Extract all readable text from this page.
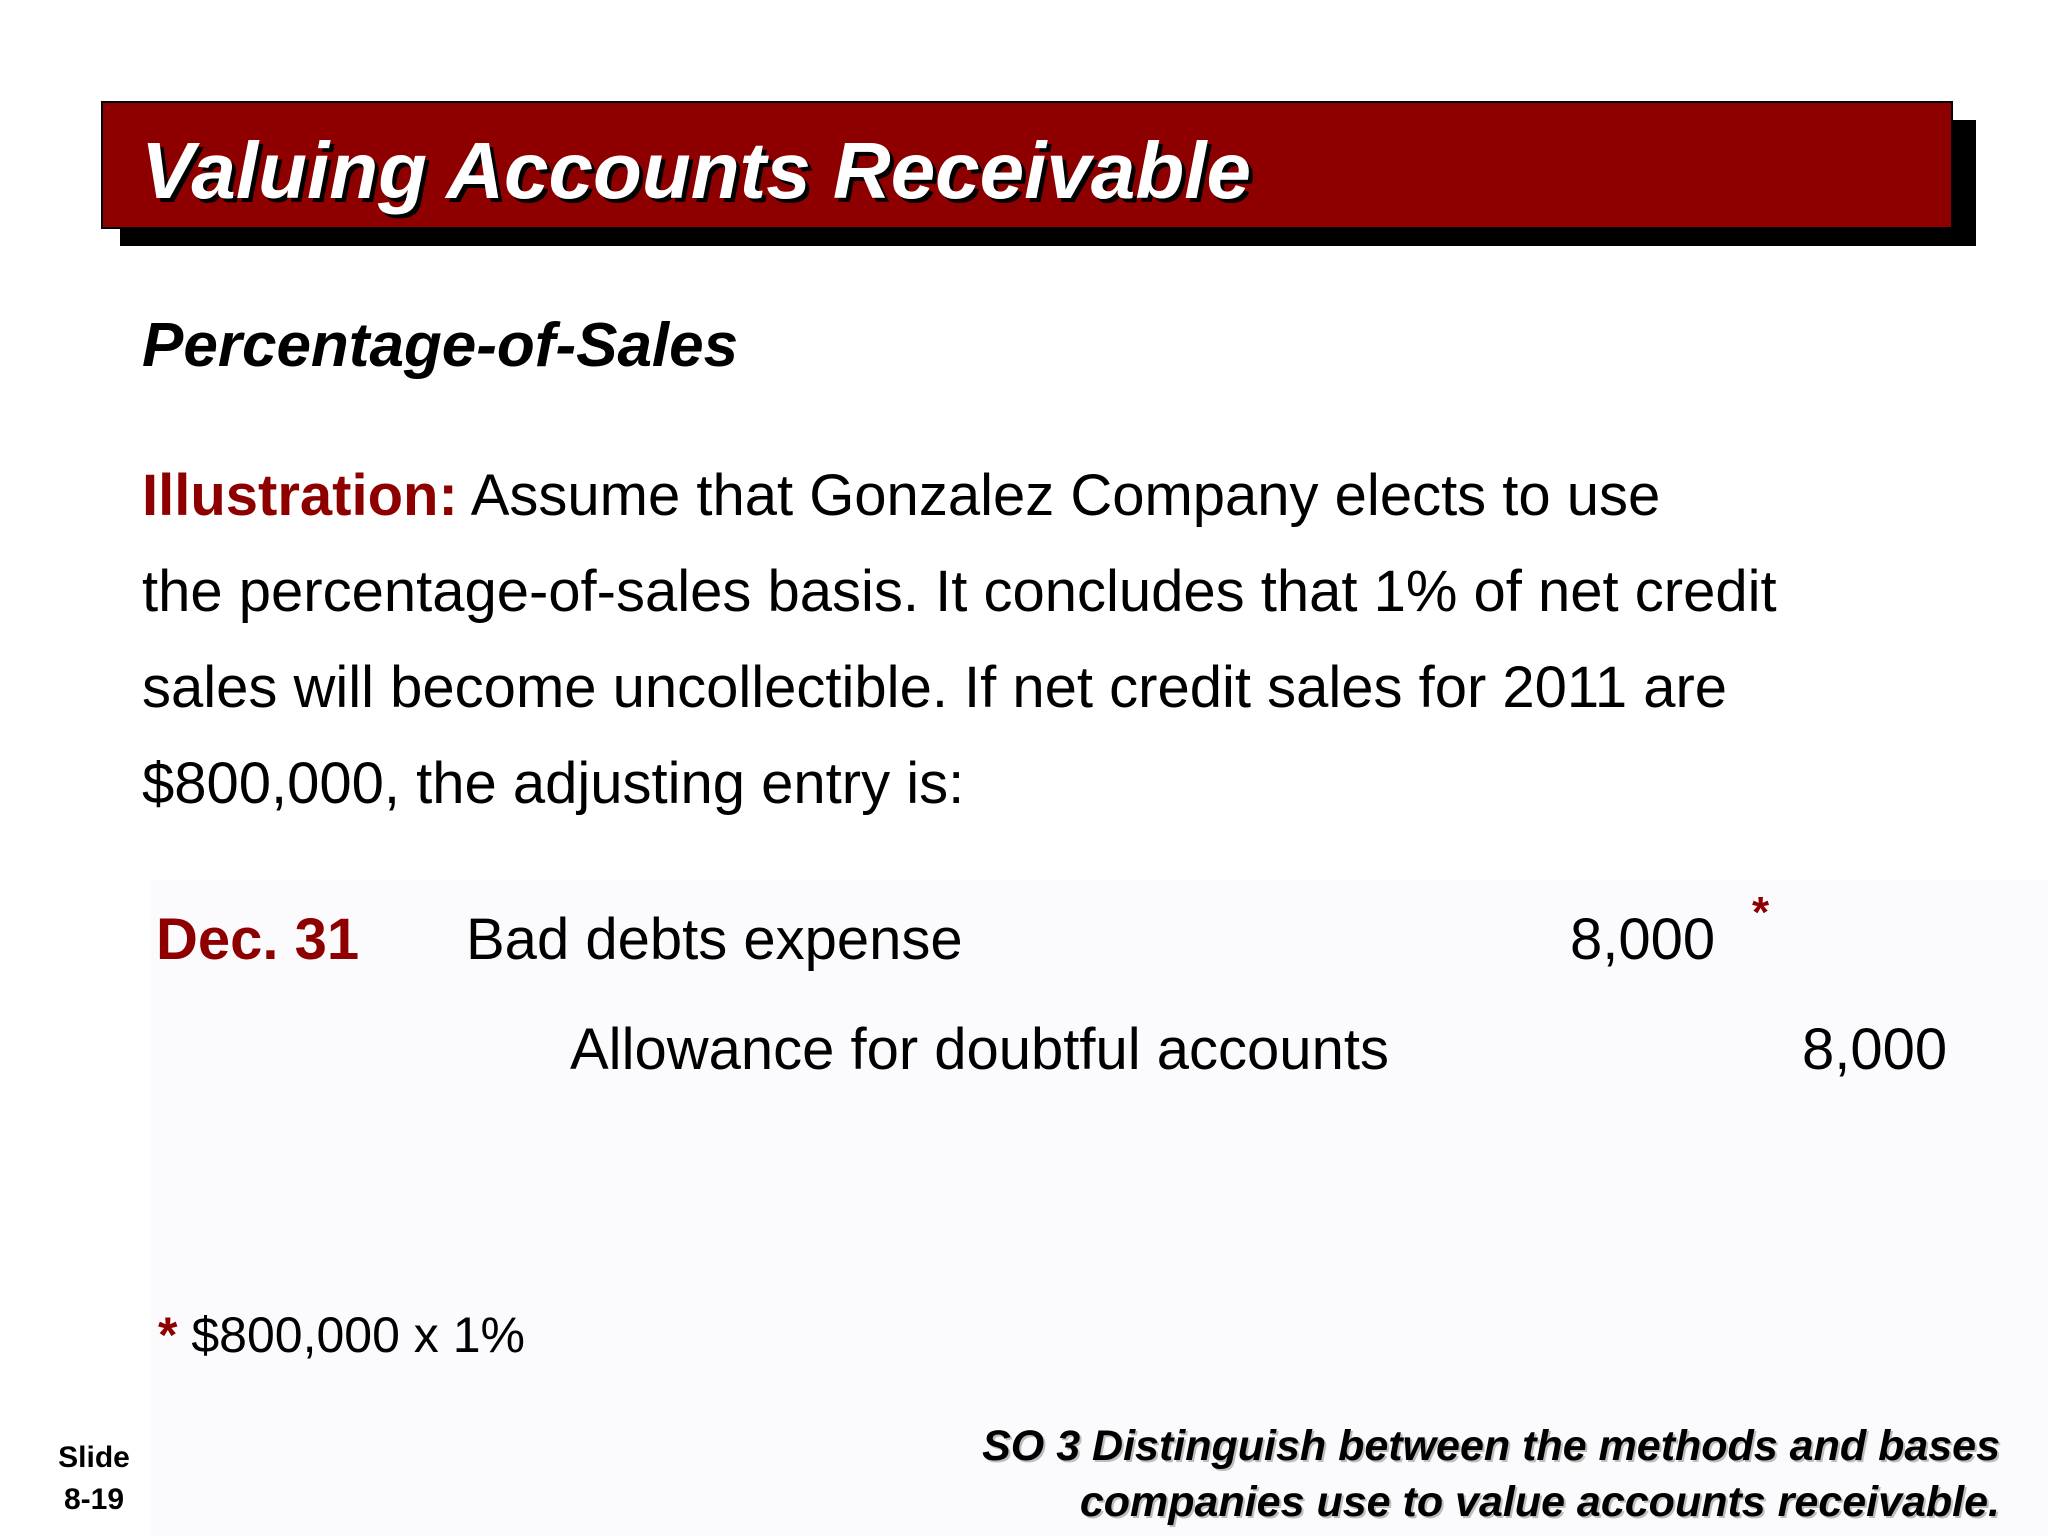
Valuing Accounts Receivable
Percentage-of-Sales
Illustration: Assume that Gonzalez Company elects to use
the percentage-of-sales basis. It concludes that 1% of net credit
sales will become uncollectible. If net credit sales for 2011 are
$800,000, the adjusting entry is:
Dec. 31 Bad debts expense	8,000 *
Allowance for doubtful accounts	8,000
* $800,000 x 1%
Slide
8-19
SO 3 Distinguish between the methods and bases
companies use to value accounts receivable.
